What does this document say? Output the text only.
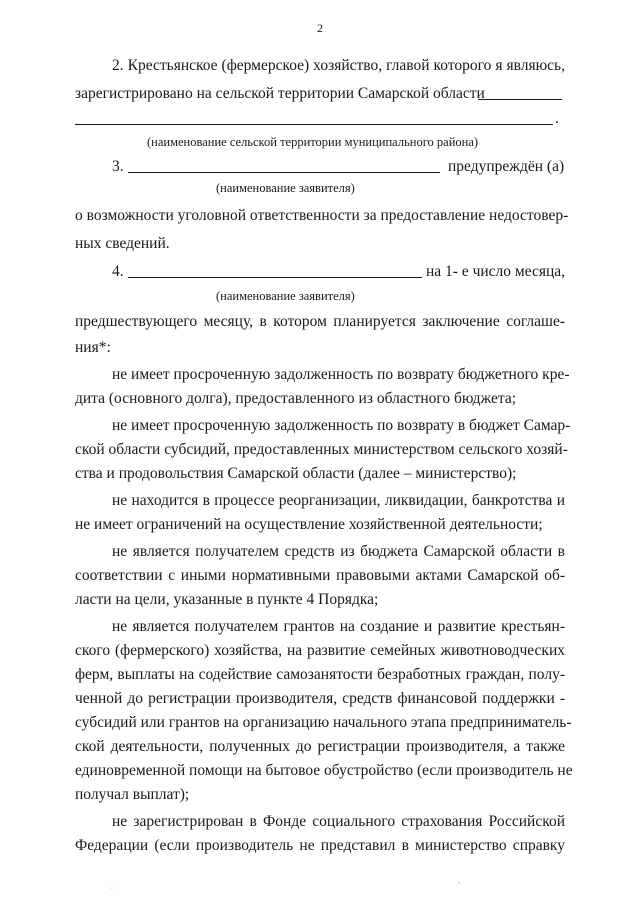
2
2. Крестьянское (фермерское) хозяйство, главой которого я являюсь,
зарегистрировано на сельской территории Самарской области
.
(наименование сельской территории муниципального района)
3.	предупреждён (а)
(наименование заявителя)
о возможности уголовной ответственности за предоставление недостовер-
ных сведений.
4.	на 1- е число месяца,
(наименование заявителя)
предшествующего месяцу, в котором планируется заключение соглаше-
ния*:
не имеет просроченную задолженность по возврату бюджетного кре-
дита (основного долга), предоставленного из областного бюджета;
не имеет просроченную задолженность по возврату в бюджет Самар-
ской области субсидий, предоставленных министерством сельского хозяй-
ства и продовольствия Самарской области (далее – министерство);
не находится в процессе реорганизации, ликвидации, банкротства и
не имеет ограничений на осуществление хозяйственной деятельности;
не является получателем средств из бюджета Самарской области в
соответствии с иными нормативными правовыми актами Самарской об-
ласти на цели, указанные в пункте 4 Порядка;
не является получателем грантов на создание и развитие крестьян-
ского (фермерского) хозяйства, на развитие семейных животноводческих
ферм, выплаты на содействие самозанятости безработных граждан, полу-
ченной до регистрации производителя, средств финансовой поддержки -
субсидий или грантов на организацию начального этапа предприниматель-
ской деятельности, полученных до регистрации производителя, а также
единовременной помощи на бытовое обустройство (если производитель не
получал выплат);
не зарегистрирован в Фонде социального страхования Российской
Федерации (если производитель не представил в министерство справку
· ·
›
